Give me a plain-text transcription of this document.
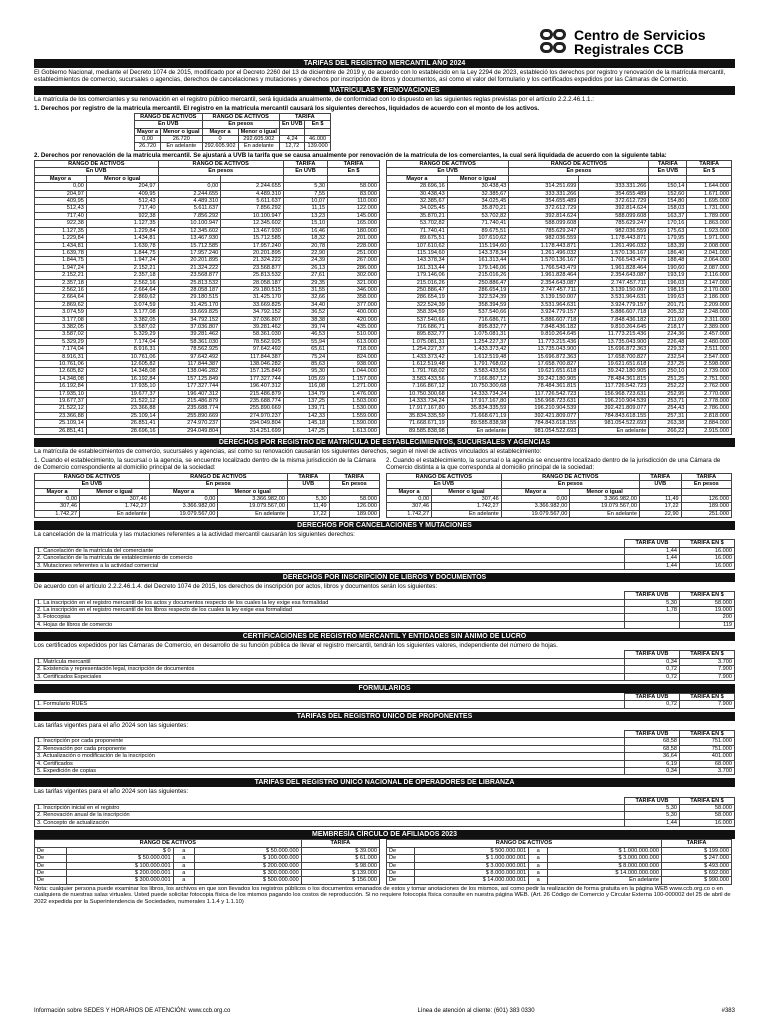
Centro de Servicios
Registrales CCB
TARIFAS DEL REGISTRO MERCANTIL AÑO 2024

El Gobierno Nacional, mediante el Decreto 1074 de 2015, modificado por el Decreto 2260 del 13 de diciembre de 2019 y, de acuerdo con lo establecido en la Ley 2294 de 2023, estableció los derechos por registro y renovación de la matrícula mercantil, establecimientos de comercio, sucursales o agencias, derechos de cancelaciones y mutaciones y derechos por inscripción de libros y documentos, así como el valor del formulario y los certificados expedidos por las Cámaras de Comercio.

MATRÍCULAS Y RENOVACIONES

La matrícula de los comerciantes y su renovación en el registro público mercantil, será liquidada anualmente, de conformidad con lo dispuesto en las siguientes reglas previstas por el artículo 2.2.2.46.1.1.:

1. Derechos por registro de la matrícula mercantil. El registro en la matrícula mercantil causará los siguientes derechos, liquidados de acuerdo con el monto de los activos.

RANGO DE ACTIVOS		RANGO DE ACTIVOS		TARIFA	
En UVB		En pesos		En UVB	En $
Mayor a	Menor o igual	Mayor a	Menor o igual		
0,00	26.720	0	292.605.902	4,24	46.000
26.720	En adelante	292.605.902	En adelante	12,72	139.000

2. Derechos por renovación de la matrícula mercantil. Se ajustará a UVB la tarifa que se causa anualmente por renovación de la matrícula de los comerciantes, la cual será liquidada de acuerdo con la siguiente tabla:

RANGO DE ACTIVOS		RANGO DE ACTIVOS		TARIFA	TARIFA
En UVB		En pesos		En UVB	En $
Mayor a	Menor o igual				
0,00	204,97	0,00	2.244.655	5,30	58.000
204,97	409,95	2.244.655	4.489.310	7,55	83.000
409,95	512,43	4.489.310	5.611.637	10,07	110.000
512,43	717,40	5.611.637	7.856.292	11,15	122.000
717,40	922,38	7.856.292	10.100.947	13,23	145.000
922,38	1.127,35	10.100.947	12.345.602	15,10	165.000
1.127,35	1.229,84	12.345.602	13.467.930	16,46	180.000
1.229,84	1.434,81	13.467.930	15.712.585	18,32	201.000
1.434,81	1.639,78	15.712.585	17.957.240	20,78	228.000
1.639,78	1.844,75	17.957.240	20.201.895	22,90	251.000
1.844,75	1.947,24	20.201.895	21.324.222	24,39	267.000
1.947,24	2.152,21	21.324.222	23.568.877	26,13	286.000
2.152,21	2.357,18	23.568.877	25.813.532	27,61	302.000
2.357,18	2.562,16	25.813.532	28.058.187	29,35	321.000
2.562,16	2.664,64	28.058.187	29.180.515	31,55	346.000
2.664,64	2.869,62	29.180.515	31.425.170	32,66	358.000
2.869,62	3.074,59	31.425.170	33.669.825	34,40	377.000
3.074,59	3.177,08	33.669.825	34.792.152	36,52	400.000
3.177,08	3.382,05	34.792.152	37.036.807	38,38	420.000
3.382,05	3.587,02	37.036.807	39.281.462	39,74	435.000
3.587,02	5.329,29	39.281.462	58.361.030	46,53	510.000
5.329,29	7.174,04	58.361.030	78.562.925	55,94	613.000
7.174,04	8.916,31	78.562.925	97.642.492	65,61	718.000
8.916,31	10.761,06	97.642.492	117.844.387	75,24	824.000
10.761,06	12.605,82	117.844.387	138.046.282	85,63	938.000
12.605,82	14.348,08	138.046.282	157.125.849	95,30	1.044.000
14.348,08	16.192,84	157.125.849	177.327.744	105,69	1.157.000
16.192,84	17.935,10	177.327.744	196.407.312	116,08	1.271.000
17.935,10	19.677,37	196.407.312	215.486.879	134,79	1.476.000
19.677,37	21.522,12	215.486.879	235.688.774	137,25	1.503.000
21.522,12	23.366,88	235.688.774	255.890.669	139,71	1.530.000
23.366,88	25.109,14	255.890.669	274.970.237	142,33	1.559.000
25.109,14	26.851,41	274.970.237	294.049.804	145,18	1.590.000
26.851,41	28.696,16	294.049.804	314.251.699	147,25	1.613.000
RANGO DE ACTIVOS		RANGO DE ACTIVOS		TARIFA	TARIFA
En UVB		En pesos		En UVB	En $
Mayor a	Menor o igual				
28.696,16	30.438,43	314.251.699	333.331.266	150,14	1.644.000
30.438,43	32.385,67	333.331.266	354.655.489	152,60	1.671.000
32.385,67	34.025,45	354.655.489	372.612.729	154,80	1.695.000
34.025,45	35.870,21	372.612.729	392.814.624	158,03	1.731.000
35.870,21	53.702,82	392.814.624	588.099.608	163,37	1.789.000
53.702,82	71.740,41	588.099.608	785.629.247	170,16	1.863.000
71.740,41	89.675,51	785.629.247	982.036.559	175,63	1.923.000
89.675,51	107.610,62	982.036.559	1.178.443.871	179,95	1.971.000
107.610,62	115.194,60	1.178.443.871	1.261.496.032	183,39	2.008.000
115.194,60	143.378,34	1.261.496.032	1.570.136.167	186,40	2.041.000
143.378,34	161.313,44	1.570.136.167	1.766.543.479	188,48	2.064.000
161.313,44	179.146,06	1.766.543.479	1.961.828.464	190,60	2.087.000
179.146,06	215.016,26	1.961.828.464	2.354.643.087	193,19	2.116.000
215.016,26	250.886,47	2.354.643.087	2.747.457.711	196,03	2.147.000
250.886,47	286.654,19	2.747.457.711	3.139.150.007	198,15	2.170.000
286.654,19	322.524,39	3.139.150.007	3.531.964.631	199,63	2.186.000
322.524,39	358.394,59	3.531.964.631	3.924.779.157	201,71	2.209.000
358.394,59	537.540,66	3.924.779.157	5.886.607.718	205,32	2.248.000
537.540,66	716.686,71	5.886.607.718	7.848.436.182	211,00	2.311.000
716.686,71	895.832,77	7.848.436.182	9.810.264.645	218,17	2.389.000
895.832,77	1.075.081,31	9.810.264.645	11.773.215.436	224,36	2.457.000
1.075.081,31	1.254.227,37	11.773.215.436	13.735.043.900	226,48	2.480.000
1.254.227,37	1.433.373,42	13.735.043.900	15.696.872.363	229,32	2.511.000
1.433.373,42	1.612.519,48	15.696.872.363	17.658.700.827	232,54	2.547.000
1.612.519,48	1.791.768,02	17.658.700.827	19.621.651.618	237,25	2.598.000
1.791.768,02	3.583.433,56	19.621.651.618	39.242.180.905	250,10	2.739.000
3.583.433,56	7.166.867,12	39.242.180.905	78.484.361.815	251,25	2.751.000
7.166.867,12	10.750.300,68	78.484.361.815	117.726.542.723	252,22	2.762.000
10.750.300,68	14.333.734,24	117.726.542.723	156.968.723.631	252,95	2.770.000
14.333.734,24	17.917.167,80	156.968.723.631	196.210.904.539	253,71	2.778.000
17.917.167,80	35.834.335,59	196.210.904.539	392.421.809.077	254,43	2.786.000
35.834.335,59	71.668.671,19	392.421.809.077	784.843.618.155	257,31	2.818.000
71.668.671,19	89.585.838,98	784.843.618.155	981.054.522.693	263,38	2.884.000
89.585.838,98	En adelante	981.054.522.693	En adelante	266,22	2.915.000
DERECHOS POR REGISTRO DE MATRÍCULA DE ESTABLECIMIENTOS, SUCURSALES Y AGENCIAS

La matrícula de establecimientos de comercio, sucursales y agencias, así como su renovación causarán los siguientes derechos, según el nivel de activos vinculados al establecimiento:

1. Cuando el establecimiento, la sucursal o la agencia, se encuentre localizado dentro de la misma jurisdicción de la Cámara de Comercio correspondiente al domicilio principal de la sociedad:

RANGO DE ACTIVOS		RANGO DE ACTIVOS		TARIFA	TARIFA
En UVB		En pesos		UVB	En pesos
Mayor a	Menor o igual	Mayor a	Menor o igual		
0,00	307,46	0,00	3.366.982,00	5,30	58.000
307,46	1.742,27	3.366.982,00	19.079.567,00	11,49	126.000
1.742,27	En adelante	19.079.567,00	En adelante	17,22	189.000

2. Cuando el establecimiento, la sucursal o la agencia se encuentre localizado dentro de la jurisdicción de una Cámara de Comercio distinta a la que corresponda al domicilio principal de la sociedad:

RANGO DE ACTIVOS		RANGO DE ACTIVOS		TARIFA	TARIFA
En UVB		En pesos		UVB	En pesos
Mayor a	Menor o igual	Mayor a	Menor o igual		
0,00	307,46	0,00	3.366.982,00	11,49	126.000
307,46	1.742,27	3.366.982,00	19.079.567,00	17,22	189.000
1.742,27	En adelante	19.079.567,00	En adelante	22,90	251.000
DERECHOS POR CANCELACIONES Y MUTACIONES

La cancelación de la matrícula y las mutaciones referentes a la actividad mercantil causarán los siguientes derechos:

	TARIFA UVB	TARIFA EN $
1. Cancelación de la matrícula del comerciante	1,44	16.000
2. Cancelación de la matrícula de establecimiento de comercio	1,44	16.000
3. Mutaciones referentes a la actividad comercial	1,44	16.000
DERECHOS POR INSCRIPCIÓN DE LIBROS Y DOCUMENTOS

De acuerdo con el artículo 2.2.2.46.1.4. del Decreto 1074 de 2015, los derechos de inscripción por actos, libros y documentos serán los siguientes:

	TARIFA UVB	TARIFA EN $
1. La inscripción en el registro mercantil de los actos y documentos respecto de los cuales la ley exige esa formalidad	5,30	58.000
2. La inscripción en el registro mercantil de los libros respecto de los cuales la ley exige esa formalidad	1,78	19.000
3. Fotocopias		200
4. Hojas de libros de comercio		119
CERTIFICACIONES DE REGISTRO MERCANTIL Y ENTIDADES SIN ÁNIMO DE LUCRO

Los certificados expedidos por las Cámaras de Comercio, en desarrollo de su función pública de llevar el registro mercantil, tendrán los siguientes valores, independiente del número de hojas.

	TARIFA UVB	TARIFA EN $
1. Matrícula mercantil	0,34	3.700
2. Existencia y representación legal, inscripción de documentos	0,72	7.900
3. Certificados Especiales	0,72	7.900
FORMULARIOS
	TARIFA UVB	TARIFA EN $
1. Formulario RUES	0,72	7.900
TARIFAS DEL REGISTRO ÚNICO DE PROPONENTES

Las tarifas vigentes para el año 2024 son las siguientes:

	TARIFA UVB	TARIFA EN $
1. Inscripción por cada proponente	68,58	751.000
2. Renovación por cada proponente	68,58	751.000
3. Actualización o modificación de la inscripción	36,64	401.000
4. Certificados	6,19	68.000
5. Expedición de copias	0,34	3.700
TARIFAS DEL REGISTRO ÚNICO NACIONAL DE OPERADORES DE LIBRANZA

Las tarifas vigentes para el año 2024 son las siguientes:

	TARIFA UVB	TARIFA EN $
1. Inscripción inicial en el registro	5,30	58.000
2. Renovación anual de la inscripción	5,30	58.000
3. Concepto de actualización	1,44	16.000
MEMBRESÍA CÍRCULO DE AFILIADOS 2023
RANGO DE ACTIVOS				TARIFA
De	$ 0	a	$ 50.000.000	$ 39.000
De	$ 50.000.001	a	$ 100.000.000	$ 61.000
De	$ 100.000.001	a	$ 200.000.000	$ 98.000
De	$ 200.000.001	a	$ 300.000.000	$ 139.000
De	$ 300.000.001	a	$ 500.000.000	$ 156.000
RANGO DE ACTIVOS				TARIFA
De	$ 500.000.001	a	$ 1.000.000.000	$ 199.000
De	$ 1.000.000.001	a	$ 3.000.000.000	$ 247.000
De	$ 3.000.000.001	a	$ 8.000.000.000	$ 493.000
De	$ 8.000.000.001	a	$ 14.000.000.000	$ 692.000
De	$ 14.000.000.001	a	En adelante	$ 990.000

Nota: cualquier persona puede examinar los libros, los archivos en que son llevados los registros públicos o los documentos emanados de estos y tomar anotaciones de los mismos, así como pedir la realización de forma gratuita en la página WEB www.ccb.org.co o en cualquiera de nuestras salas virtuales. Usted puede solicitar fotocopia física de los mismos pagando los costos de reproducción. Si no requiere fotocopia física consulte en nuestra página WEB. (Art. 26 Código de Comercio y Circular Externa 100-000002 del 25 de abril de 2022 expedida por la Superintendencia de Sociedades, numerales 1.1.4 y 1.1.10)

Información sobre SEDES Y HORARIOS DE ATENCIÓN: www.ccb.org.co	Línea de atención al cliente: (601) 383 0330	#383
